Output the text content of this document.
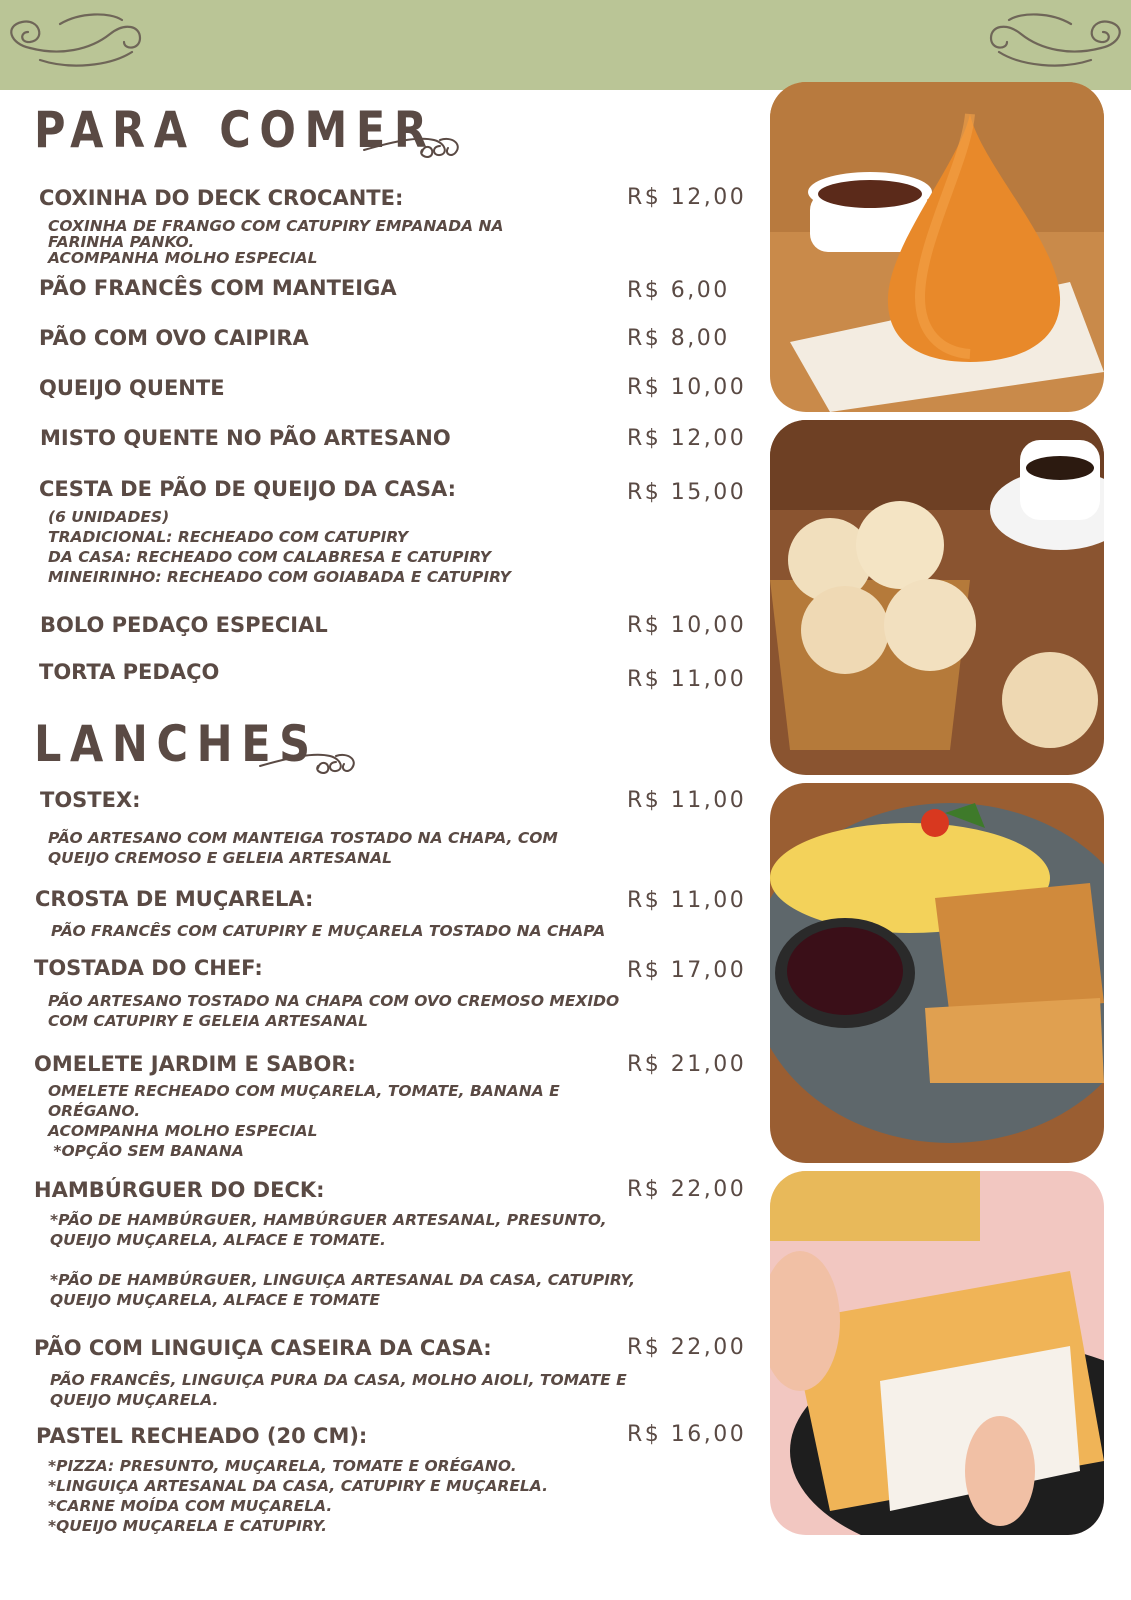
PARA COMER
COXINHA DO DECK CROCANTE:	R$ 12,00
COXINHA DE FRANGO COM CATUPIRY EMPANADA NA
FARINHA PANKO.
ACOMPANHA MOLHO ESPECIAL
PÃO FRANCÊS COM MANTEIGA	R$ 6,00
PÃO COM OVO CAIPIRA	R$ 8,00
QUEIJO QUENTE	R$ 10,00
MISTO QUENTE NO PÃO ARTESANO	R$ 12,00
CESTA DE PÃO DE QUEIJO DA CASA:	R$ 15,00
(6 UNIDADES)
TRADICIONAL: RECHEADO COM CATUPIRY
DA CASA: RECHEADO COM CALABRESA E CATUPIRY
MINEIRINHO: RECHEADO COM GOIABADA E CATUPIRY
BOLO PEDAÇO ESPECIAL	R$ 10,00
TORTA PEDAÇO	R$ 11,00
LANCHES
TOSTEX:	R$ 11,00
PÃO ARTESANO COM MANTEIGA TOSTADO NA CHAPA, COM
QUEIJO CREMOSO E GELEIA ARTESANAL
CROSTA DE MUÇARELA:	R$ 11,00
PÃO FRANCÊS COM CATUPIRY E MUÇARELA TOSTADO NA CHAPA
TOSTADA DO CHEF:	R$ 17,00
PÃO ARTESANO TOSTADO NA CHAPA COM OVO CREMOSO MEXIDO
COM CATUPIRY E GELEIA ARTESANAL
OMELETE JARDIM E SABOR:	R$ 21,00
OMELETE RECHEADO COM MUÇARELA, TOMATE, BANANA E
ORÉGANO.
ACOMPANHA MOLHO ESPECIAL
*OPÇÃO SEM BANANA
HAMBÚRGUER DO DECK:	R$ 22,00
*PÃO DE HAMBÚRGUER, HAMBÚRGUER ARTESANAL, PRESUNTO,
QUEIJO MUÇARELA, ALFACE E TOMATE.
*PÃO DE HAMBÚRGUER, LINGUIÇA ARTESANAL DA CASA, CATUPIRY,
QUEIJO MUÇARELA, ALFACE E TOMATE
PÃO COM LINGUIÇA CASEIRA DA CASA:	R$ 22,00
PÃO FRANCÊS, LINGUIÇA PURA DA CASA, MOLHO AIOLI, TOMATE E
QUEIJO MUÇARELA.
PASTEL RECHEADO (20 CM):	R$ 16,00
*PIZZA: PRESUNTO, MUÇARELA, TOMATE E ORÉGANO.
*LINGUIÇA ARTESANAL DA CASA, CATUPIRY E MUÇARELA.
*CARNE MOÍDA COM MUÇARELA.
*QUEIJO MUÇARELA E CATUPIRY.
